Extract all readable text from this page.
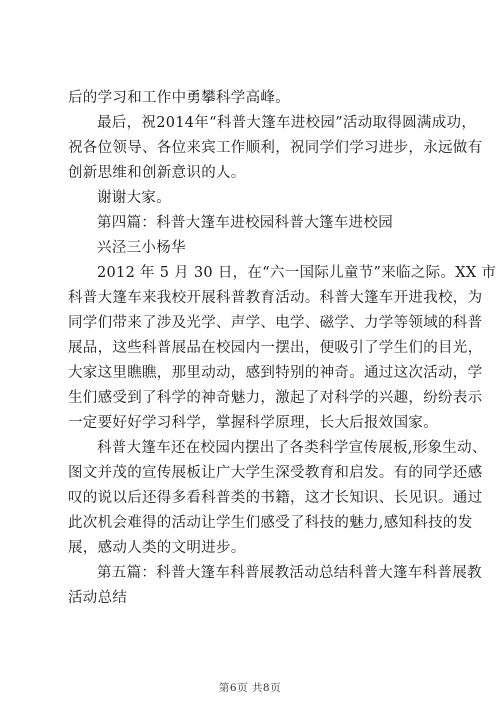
后的学习和工作中勇攀科学高峰。
最后，祝2014年“科普大篷车进校园”活动取得圆满成功，
祝各位领导、各位来宾工作顺利，祝同学们学习进步，永远做有
创新思维和创新意识的人。
谢谢大家。
第四篇：科普大篷车进校园科普大篷车进校园
兴泾三小杨华
2012 年 5 月 30 日，在“六一国际儿童节”来临之际。XX 市
科普大篷车来我校开展科普教育活动。科普大篷车开进我校，为
同学们带来了涉及光学、声学、电学、磁学、力学等领域的科普
展品，这些科普展品在校园内一摆出，便吸引了学生们的目光，
大家这里瞧瞧，那里动动，感到特别的神奇。通过这次活动，学
生们感受到了科学的神奇魅力，激起了对科学的兴趣，纷纷表示
一定要好好学习科学，掌握科学原理，长大后报效国家。
科普大篷车还在校园内摆出了各类科学宣传展板,形象生动、
图文并茂的宣传展板让广大学生深受教育和启发。有的同学还感
叹的说以后还得多看科普类的书籍，这才长知识、长见识。通过
此次机会难得的活动让学生们感受了科技的魅力,感知科技的发
展，感动人类的文明进步。
第五篇：科普大篷车科普展教活动总结科普大篷车科普展教
活动总结
第6页 共8页
